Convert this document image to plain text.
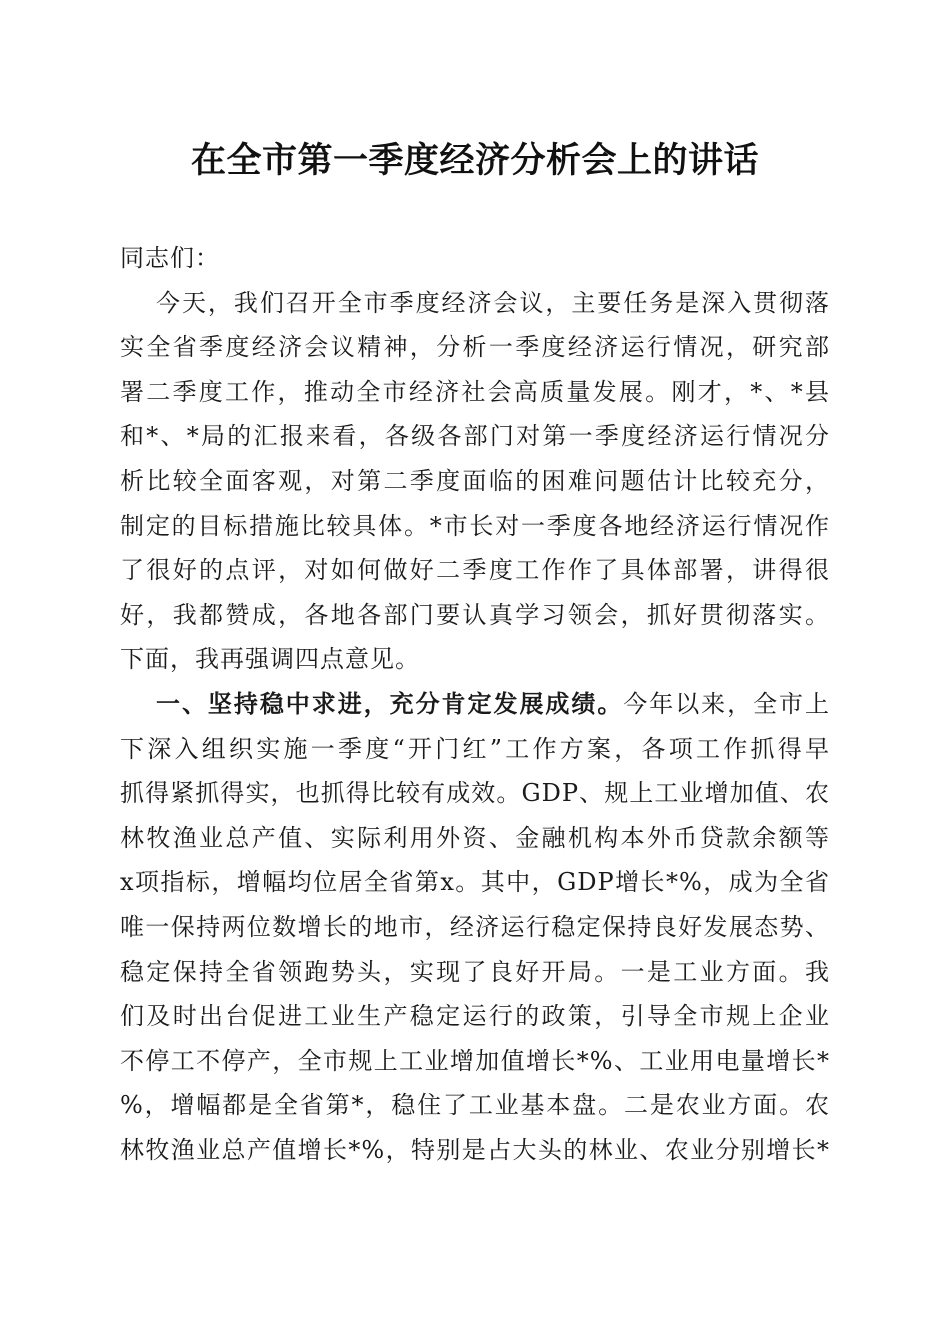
在全市第一季度经济分析会上的讲话
同志们：
今天，我们召开全市季度经济会议，主要任务是深入贯彻落
实全省季度经济会议精神，分析一季度经济运行情况，研究部
署二季度工作，推动全市经济社会高质量发展。刚才，*、*县
和*、*局的汇报来看，各级各部门对第一季度经济运行情况分
析比较全面客观，对第二季度面临的困难问题估计比较充分，
制定的目标措施比较具体。*市长对一季度各地经济运行情况作
了很好的点评，对如何做好二季度工作作了具体部署，讲得很
好，我都赞成，各地各部门要认真学习领会，抓好贯彻落实。
下面，我再强调四点意见。
一、坚持稳中求进，充分肯定发展成绩。今年以来，全市上
下深入组织实施一季度“开门红”工作方案，各项工作抓得早
抓得紧抓得实，也抓得比较有成效。GDP、规上工业增加值、农
林牧渔业总产值、实际利用外资、金融机构本外币贷款余额等
x项指标，增幅均位居全省第x。其中，GDP增长*%，成为全省
唯一保持两位数增长的地市，经济运行稳定保持良好发展态势、
稳定保持全省领跑势头，实现了良好开局。一是工业方面。我
们及时出台促进工业生产稳定运行的政策，引导全市规上企业
不停工不停产，全市规上工业增加值增长*%、工业用电量增长*
%，增幅都是全省第*，稳住了工业基本盘。二是农业方面。农
林牧渔业总产值增长*%，特别是占大头的林业、农业分别增长*
